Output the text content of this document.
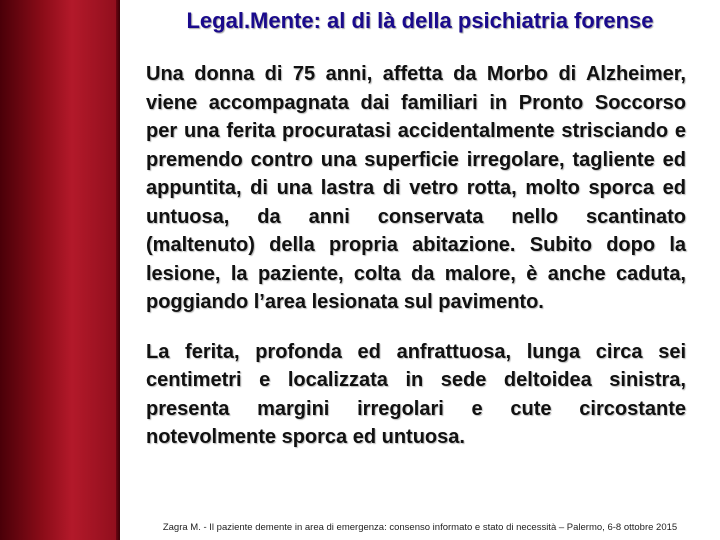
Legal.Mente: al di là della psichiatria forense

Una donna di 75 anni, affetta da Morbo di Alzheimer, viene accompagnata dai familiari in Pronto Soccorso per una ferita procuratasi accidentalmente strisciando e premendo contro una superficie irregolare, tagliente ed appuntita, di una lastra di vetro rotta, molto sporca ed untuosa, da anni conservata nello scantinato (maltenuto) della propria abitazione. Subito dopo la lesione, la paziente, colta da malore, è anche caduta, poggiando l’area lesionata sul pavimento.

La ferita, profonda ed anfrattuosa, lunga circa sei centimetri e localizzata in sede deltoidea sinistra, presenta margini irregolari e cute circostante notevolmente sporca ed untuosa.

Zagra M. - Il paziente demente in area di emergenza: consenso informato e stato di necessità – Palermo, 6-8 ottobre 2015
